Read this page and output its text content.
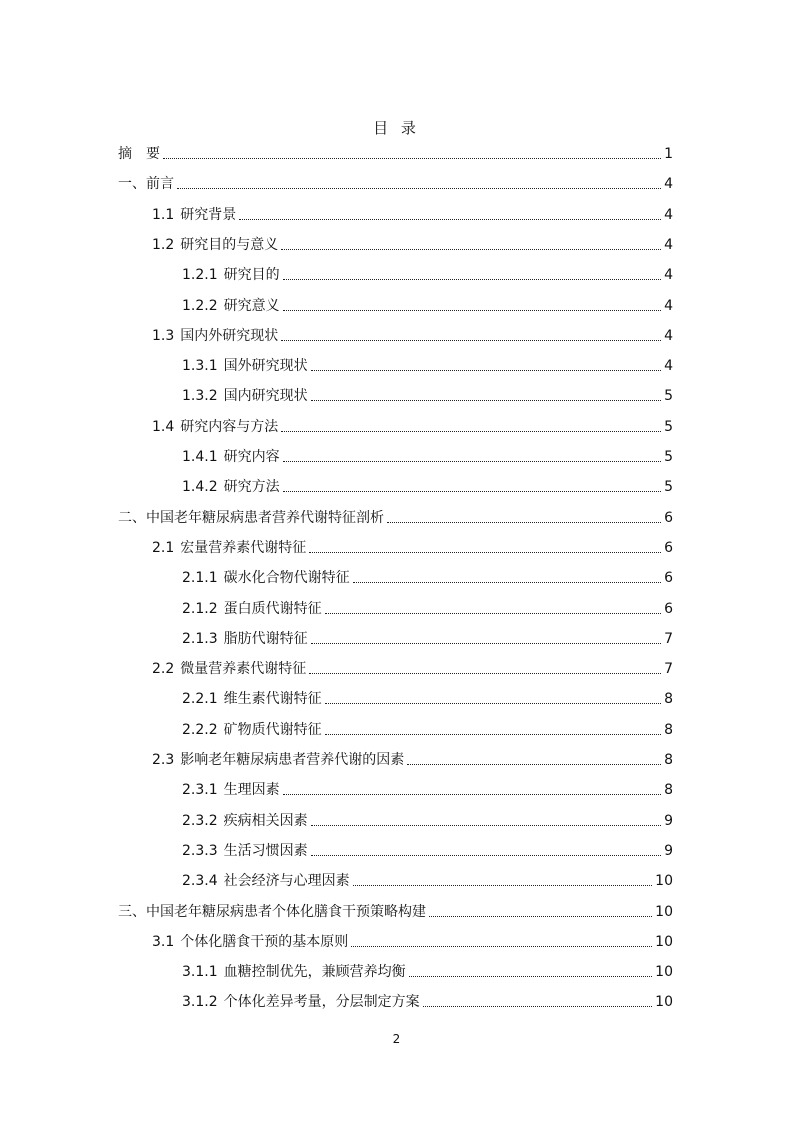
目 录
摘　要	1
一、前言	4
1.1 研究背景	4
1.2 研究目的与意义	4
1.2.1 研究目的	4
1.2.2 研究意义	4
1.3 国内外研究现状	4
1.3.1 国外研究现状	4
1.3.2 国内研究现状	5
1.4 研究内容与方法	5
1.4.1 研究内容	5
1.4.2 研究方法	5
二、中国老年糖尿病患者营养代谢特征剖析	6
2.1 宏量营养素代谢特征	6
2.1.1 碳水化合物代谢特征	6
2.1.2 蛋白质代谢特征	6
2.1.3 脂肪代谢特征	7
2.2 微量营养素代谢特征	7
2.2.1 维生素代谢特征	8
2.2.2 矿物质代谢特征	8
2.3 影响老年糖尿病患者营养代谢的因素	8
2.3.1 生理因素	8
2.3.2 疾病相关因素	9
2.3.3 生活习惯因素	9
2.3.4 社会经济与心理因素	10
三、中国老年糖尿病患者个体化膳食干预策略构建	10
3.1 个体化膳食干预的基本原则	10
3.1.1 血糖控制优先，兼顾营养均衡	10
3.1.2 个体化差异考量，分层制定方案	10
2
